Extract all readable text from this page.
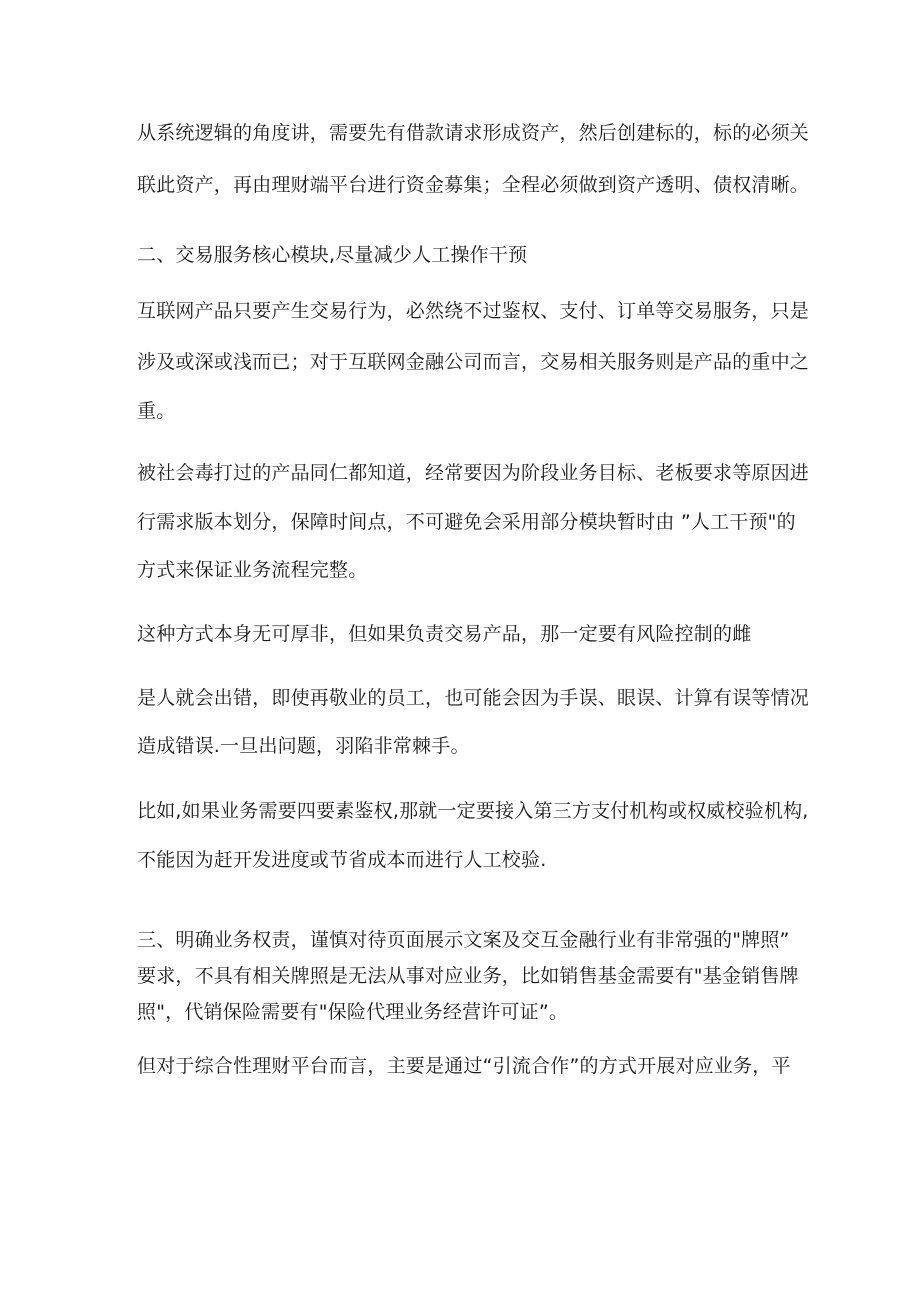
从系统逻辑的角度讲，需要先有借款请求形成资产，然后创建标的，标的必须关
联此资产，再由理财端平台进行资金募集；全程必须做到资产透明、债权清晰。
二、交易服务核心模块,尽量减少人工操作干预
互联网产品只要产生交易行为，必然绕不过鉴权、支付、订单等交易服务，只是
涉及或深或浅而已；对于互联网金融公司而言，交易相关服务则是产品的重中之
重。
被社会毒打过的产品同仁都知道，经常要因为阶段业务目标、老板要求等原因进
行需求版本划分，保障时间点，不可避免会采用部分模块暂时由 ”人工干预"的
方式来保证业务流程完整。
这种方式本身无可厚非，但如果负责交易产品，那一定要有风险控制的雌
是人就会出错，即使再敬业的员工，也可能会因为手误、眼误、计算有误等情况
造成错误.一旦出问题，羽陷非常棘手。
比如,如果业务需要四要素鉴权,那就一定要接入第三方支付机构或权威校验机构,
不能因为赶开发进度或节省成本而进行人工校验.
三、明确业务权责，谨慎对待页面展示文案及交互金融行业有非常强的"牌照”
要求，不具有相关牌照是无法从事对应业务，比如销售基金需要有"基金销售牌
照"，代销保险需要有"保险代理业务经营许可证”。
但对于综合性理财平台而言，主要是通过“引流合作”的方式开展对应业务，平
